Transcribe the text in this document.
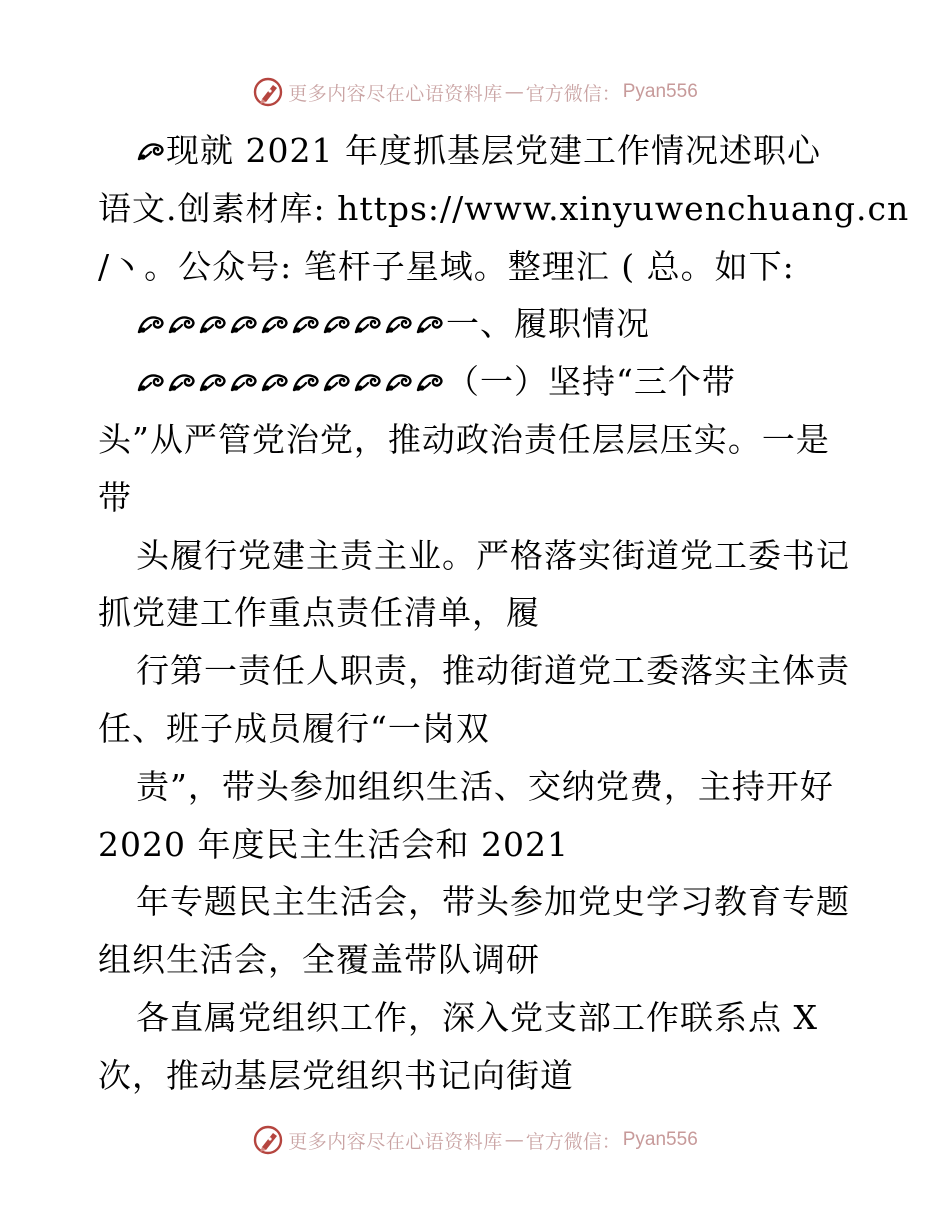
更多内容尽在心语资料库 — 官方微信： Pyan556
现就 2021 年度抓基层党建工作情况述职心
语文.创素材库: https://www.xinyuwenchuang.cn
/丶。公众号: 笔杆子星域。整理汇 ( 总。如下:
一、履职情况
（一）坚持“三个带
头”从严管党治党，推动政治责任层层压实。一是
带
头履行党建主责主业。严格落实街道党工委书记
抓党建工作重点责任清单，履
行第一责任人职责，推动街道党工委落实主体责
任、班子成员履行“一岗双
责”，带头参加组织生活、交纳党费，主持开好
2020 年度民主生活会和 2021
年专题民主生活会，带头参加党史学习教育专题
组织生活会，全覆盖带队调研
各直属党组织工作，深入党支部工作联系点 X
次，推动基层党组织书记向街道
更多内容尽在心语资料库 — 官方微信： Pyan556
